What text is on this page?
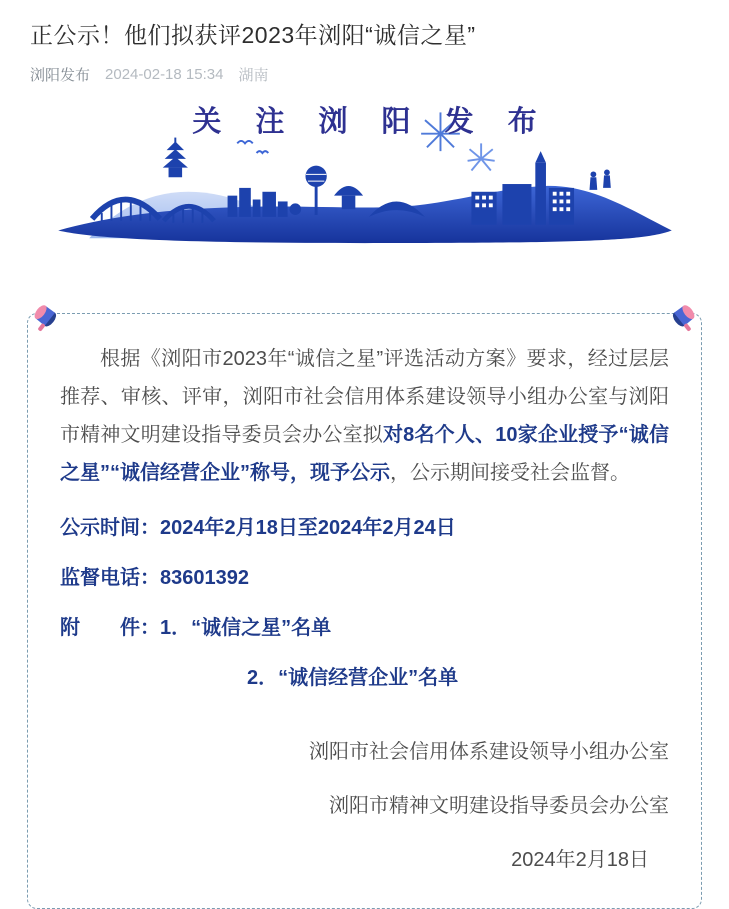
正公示！他们拟获评2023年浏阳“诚信之星”
浏阳发布 2024-02-18 15:34 湖南
关 注 浏 阳 发 布
根据《浏阳市2023年“诚信之星”评选活动方案》要求，经过层层推荐、审核、评审，浏阳市社会信用体系建设领导小组办公室与浏阳市精神文明建设指导委员会办公室拟对8名个人、10家企业授予“诚信之星”“诚信经营企业”称号，现予公示，公示期间接受社会监督。
公示时间：2024年2月18日至2024年2月24日
监督电话：83601392
附　　件：1．“诚信之星”名单
2．“诚信经营企业”名单
浏阳市社会信用体系建设领导小组办公室
浏阳市精神文明建设指导委员会办公室
2024年2月18日
